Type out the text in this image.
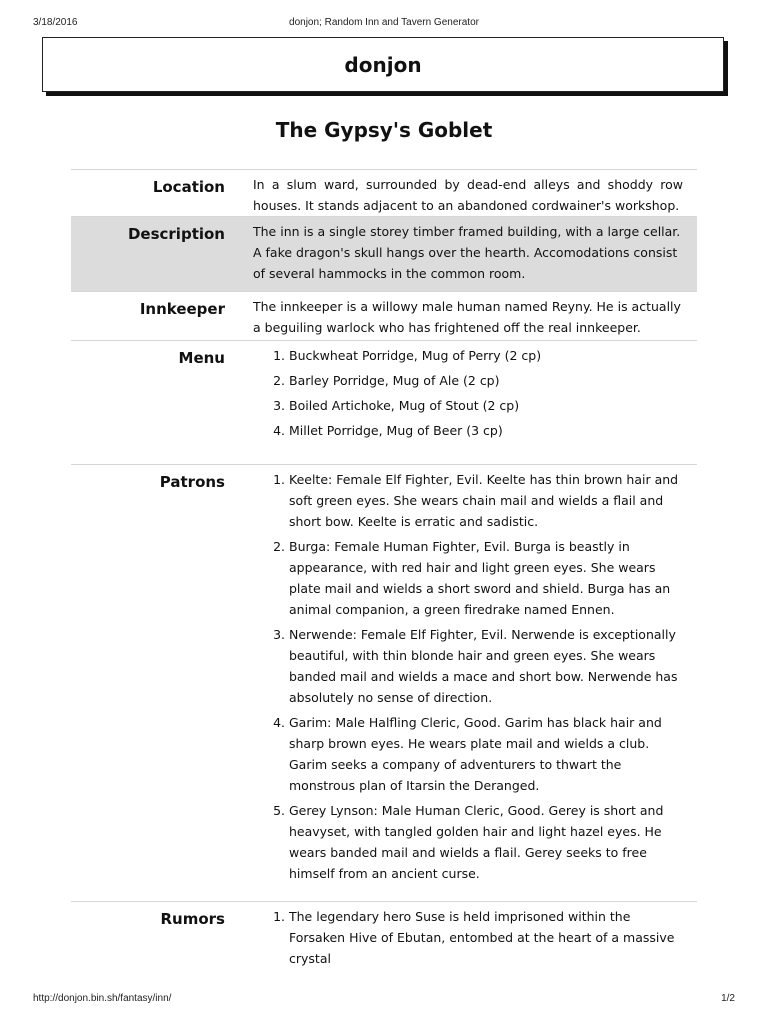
3/18/2016	donjon; Random Inn and Tavern Generator
donjon
The Gypsy's Goblet
Location	In a slum ward, surrounded by dead-end alleys and shoddy row houses. It stands adjacent to an abandoned cordwainer's workshop.
Description	The inn is a single storey timber framed building, with a large cellar. A fake dragon's skull hangs over the hearth. Accomodations consist of several hammocks in the common room.
Innkeeper	The innkeeper is a willowy male human named Reyny. He is actually a beguiling warlock who has frightened off the real innkeeper.
Menu	1. Buckwheat Porridge, Mug of Perry (2 cp)
2. Barley Porridge, Mug of Ale (2 cp)
3. Boiled Artichoke, Mug of Stout (2 cp)
4. Millet Porridge, Mug of Beer (3 cp)
Patrons	1. Keelte: Female Elf Fighter, Evil. Keelte has thin brown hair and soft green eyes. She wears chain mail and wields a flail and short bow. Keelte is erratic and sadistic.
2. Burga: Female Human Fighter, Evil. Burga is beastly in appearance, with red hair and light green eyes. She wears plate mail and wields a short sword and shield. Burga has an animal companion, a green firedrake named Ennen.
3. Nerwende: Female Elf Fighter, Evil. Nerwende is exceptionally beautiful, with thin blonde hair and green eyes. She wears banded mail and wields a mace and short bow. Nerwende has absolutely no sense of direction.
4. Garim: Male Halfling Cleric, Good. Garim has black hair and sharp brown eyes. He wears plate mail and wields a club. Garim seeks a company of adventurers to thwart the monstrous plan of Itarsin the Deranged.
5. Gerey Lynson: Male Human Cleric, Good. Gerey is short and heavyset, with tangled golden hair and light hazel eyes. He wears banded mail and wields a flail. Gerey seeks to free himself from an ancient curse.
Rumors	1. The legendary hero Suse is held imprisoned within the Forsaken Hive of Ebutan, entombed at the heart of a massive crystal
http://donjon.bin.sh/fantasy/inn/	1/2
